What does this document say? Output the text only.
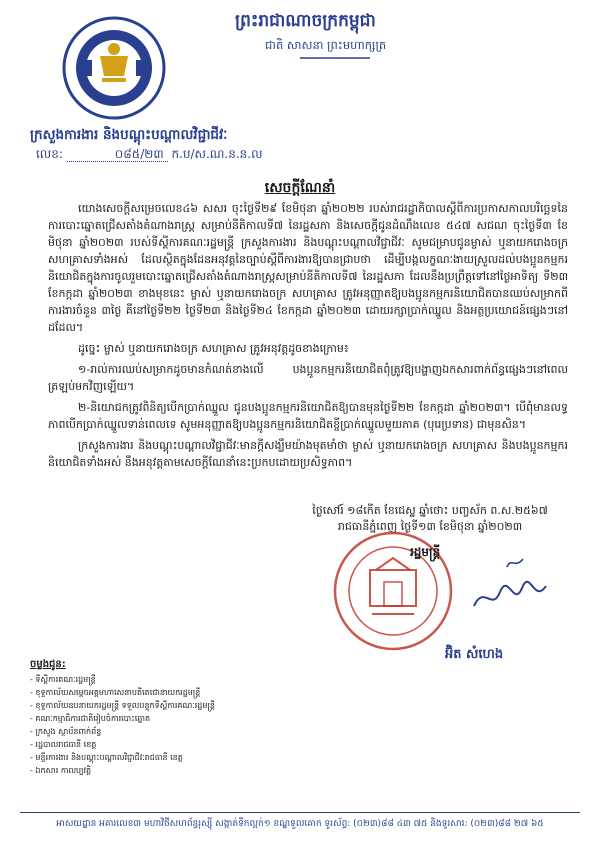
ព្រះរាជាណាចក្រកម្ពុជា
ជាតិ សាសនា ព្រះមហាក្សត្រ
ក្រសួងការងារ និងបណ្តុះបណ្តាលវិជ្ជាជីវៈ
លេខ:	០៨៥/២៣ ក.ប/ស.ណ.ន.ន.ល
សេចក្តីណែនាំ

យោងសេចក្តីសម្រេចលេខ៤៦ សសរ ចុះថ្ងៃទី២៩ ខែមិថុនា ឆ្នាំ២០២២ របស់រាជរដ្ឋាភិបាលស្តីពីការប្រកាសកាលបរិច្ឆេទនៃការបោះឆ្នោតជ្រើសតាំងតំណាងរាស្ត្រ សម្រាប់នីតិកាលទី៧ នៃរដ្ឋសភា និងសេចក្តីជូនដំណឹងលេខ ៥៤៧ សជណ ចុះថ្ងៃទី៣ ខែមិថុនា ឆ្នាំ២០២៣ របស់ទីស្តីការគណៈរដ្ឋមន្ត្រី ក្រសួងការងារ និងបណ្តុះបណ្តាលវិជ្ជាជីវៈ សូមជម្រាបជូនម្ចាស់ ឬនាយករោងចក្រ សហគ្រាសទាំងអស់ ដែលស្ថិតក្នុងដែនអនុវត្តនៃច្បាប់ស្តីពីការងារឱ្យបានជ្រាបថា ដើម្បីបង្កលក្ខណៈងាយស្រួលដល់បងប្អូនកម្មករនិយោជិតក្នុងការចូលរួមបោះឆ្នោតជ្រើសតាំងតំណាងរាស្ត្រសម្រាប់នីតិកាលទី៧ នៃរដ្ឋសភា ដែលនឹងប្រព្រឹត្តទៅនៅថ្ងៃអាទិត្យ ទី២៣ ខែកក្កដា ឆ្នាំ២០២៣ ខាងមុខនេះ ម្ចាស់ ឬនាយករោងចក្រ សហគ្រាស ត្រូវអនុញ្ញាតឱ្យបងប្អូនកម្មករនិយោជិតបានឈប់សម្រាកពីការងារចំនួន ៣ថ្ងៃ គឺនៅថ្ងៃទី២២ ថ្ងៃទី២៣ និងថ្ងៃទី២៤ ខែកក្កដា ឆ្នាំ២០២៣ ដោយរក្សាប្រាក់ឈ្នួល និងអត្ថប្រយោជន៍ផ្សេងៗនៅដដែល។

ដូច្នេះ ម្ចាស់ ឬនាយករោងចក្រ សហគ្រាស ត្រូវអនុវត្តដូចខាងក្រោម៖

១-រាល់ការឈប់សម្រាកដូចមានកំណត់ខាងលើ បងប្អូនកម្មករនិយោជិតពុំត្រូវឱ្យបង្ហាញឯកសារពាក់ព័ន្ធផ្សេងៗនៅពេលត្រឡប់មកវិញឡើយ។

២-និយោជកត្រូវពិនិត្យបើកប្រាក់ឈ្នួល ជូនបងប្អូនកម្មករនិយោជិតឱ្យបានមុនថ្ងៃទី២២ ខែកក្កដា ឆ្នាំ២០២៣។ បើពុំមានលទ្ធភាពបើកប្រាក់ឈ្នួលទាន់ពេលទេ សូមអនុញ្ញាតឱ្យបងប្អូនកម្មករនិយោជិតខ្ចីប្រាក់ឈ្នួលមួយភាគ (បុរេប្រទាន) ជាមុនសិន។

ក្រសួងការងារ និងបណ្តុះបណ្តាលវិជ្ជាជីវៈមានក្តីសង្ឃឹមយ៉ាងមុតមាំថា ម្ចាស់ ឬនាយករោងចក្រ សហគ្រាស និងបងប្អូនកម្មករនិយោជិតទាំងអស់ នឹងអនុវត្តតាមសេចក្តីណែនាំនេះប្រកបដោយប្រសិទ្ធភាព។

ថ្ងៃសៅរ៍ ១៨កើត ខែជេស្ឋ ឆ្នាំថោះ បញ្ចស័ក ព.ស.២៥៦៧
រាជធានីភ្នំពេញ ថ្ងៃទី១៣ ខែមិថុនា ឆ្នាំ២០២៣
រដ្ឋមន្ត្រី
អ៊ិត សំហេង
ចម្លងជូន:
- ទីស្តីការគណៈរដ្ឋមន្ត្រី
- ខុទ្ទកាល័យសម្តេចអគ្គមហាសេនាបតីតេជោនាយករដ្ឋមន្ត្រី
- ខុទ្ទកាល័យឧបនាយករដ្ឋមន្ត្រី ទទួលបន្ទុកទីស្តីការគណៈរដ្ឋមន្ត្រី
- គណៈកម្មាធិការជាតិរៀបចំការបោះឆ្នោត
- ក្រសួង ស្ថាប័នពាក់ព័ន្ធ
- រដ្ឋបាលរាជធានី ខេត្ត
- មន្ទីរការងារ និងបណ្តុះបណ្តាលវិជ្ជាជីវៈរាជធានី ខេត្ត
- ឯកសារ កាលប្បវត្តិ
អាសយដ្ឋាន អគារលេខ៣ មហាវិថីសហព័ន្ធរុស្ស៊ី សង្កាត់ទឹកល្អក់១ ខណ្ឌទួលគោក ទូរស័ព្ទ: (០២៣)៨៨ ៤៣ ៧៥ និងទូរសារ: (០២៣)៨៨ ២៧ ៦៥
